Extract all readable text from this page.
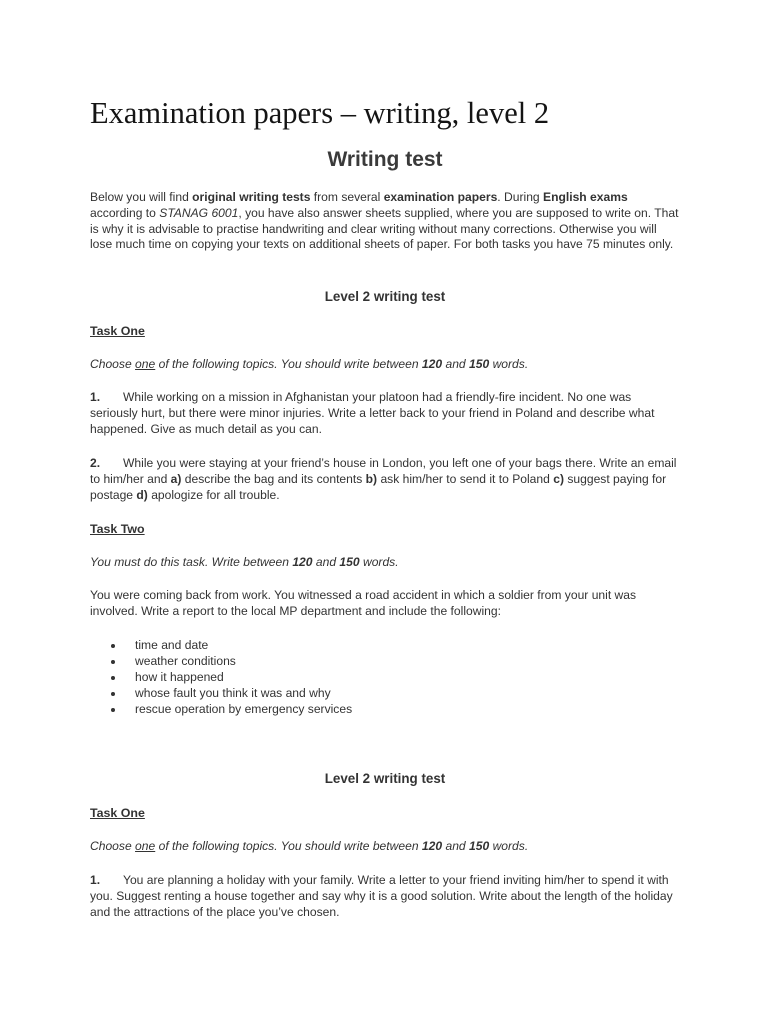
Examination papers – writing, level 2
Writing test

Below you will find original writing tests from several examination papers. During English exams according to STANAG 6001, you have also answer sheets supplied, where you are supposed to write on. That is why it is advisable to practise handwriting and clear writing without many corrections. Otherwise you will lose much time on copying your texts on additional sheets of paper. For both tasks you have 75 minutes only.

Level 2 writing test
Task One

Choose one of the following topics. You should write between 120 and 150 words.

1. While working on a mission in Afghanistan your platoon had a friendly-fire incident. No one was seriously hurt, but there were minor injuries. Write a letter back to your friend in Poland and describe what happened. Give as much detail as you can.

2. While you were staying at your friend’s house in London, you left one of your bags there. Write an email to him/her and a) describe the bag and its contents b) ask him/her to send it to Poland c) suggest paying for postage d) apologize for all trouble.

Task Two

You must do this task. Write between 120 and 150 words.

You were coming back from work. You witnessed a road accident in which a soldier from your unit was involved. Write a report to the local MP department and include the following:

time and date
weather conditions
how it happened
whose fault you think it was and why
rescue operation by emergency services
Level 2 writing test
Task One

Choose one of the following topics. You should write between 120 and 150 words.

1. You are planning a holiday with your family. Write a letter to your friend inviting him/her to spend it with you. Suggest renting a house together and say why it is a good solution. Write about the length of the holiday and the attractions of the place you’ve chosen.
